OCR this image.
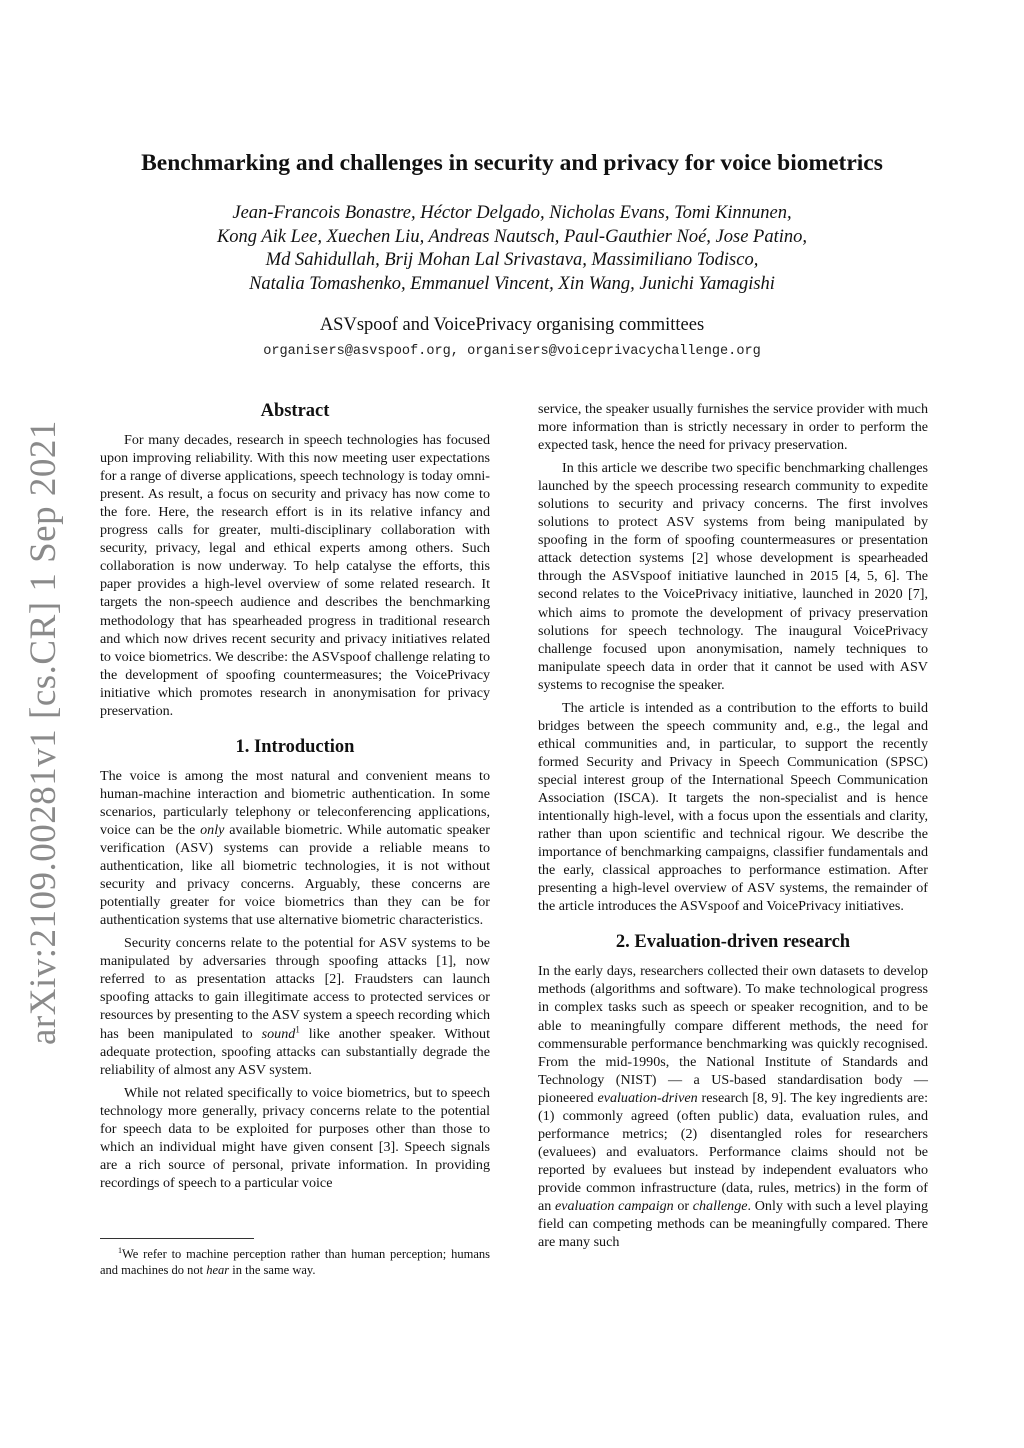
arXiv:2109.00281v1 [cs.CR] 1 Sep 2021
Benchmarking and challenges in security and privacy for voice biometrics
Jean-Francois Bonastre, Héctor Delgado, Nicholas Evans, Tomi Kinnunen,
Kong Aik Lee, Xuechen Liu, Andreas Nautsch, Paul-Gauthier Noé, Jose Patino,
Md Sahidullah, Brij Mohan Lal Srivastava, Massimiliano Todisco,
Natalia Tomashenko, Emmanuel Vincent, Xin Wang, Junichi Yamagishi
ASVspoof and VoicePrivacy organising committees
organisers@asvspoof.org, organisers@voiceprivacychallenge.org
Abstract

For many decades, research in speech technologies has focused upon improving reliability. With this now meeting user expectations for a range of diverse applications, speech technology is today omni-present. As result, a focus on security and privacy has now come to the fore. Here, the research effort is in its relative infancy and progress calls for greater, multi-disciplinary collaboration with security, privacy, legal and ethical experts among others. Such collaboration is now underway. To help catalyse the efforts, this paper provides a high-level overview of some related research. It targets the non-speech audience and describes the benchmarking methodology that has spearheaded progress in traditional research and which now drives recent security and privacy initiatives related to voice biometrics. We describe: the ASVspoof challenge relating to the development of spoofing countermeasures; the VoicePrivacy initiative which promotes research in anonymisation for privacy preservation.

1. Introduction

The voice is among the most natural and convenient means to human-machine interaction and biometric authentication. In some scenarios, particularly telephony or teleconferencing applications, voice can be the only available biometric. While automatic speaker verification (ASV) systems can provide a reliable means to authentication, like all biometric technologies, it is not without security and privacy concerns. Arguably, these concerns are potentially greater for voice biometrics than they can be for authentication systems that use alternative biometric characteristics.

Security concerns relate to the potential for ASV systems to be manipulated by adversaries through spoofing attacks [1], now referred to as presentation attacks [2]. Fraudsters can launch spoofing attacks to gain illegitimate access to protected services or resources by presenting to the ASV system a speech recording which has been manipulated to sound$^1$ like another speaker. Without adequate protection, spoofing attacks can substantially degrade the reliability of almost any ASV system.

While not related specifically to voice biometrics, but to speech technology more generally, privacy concerns relate to the potential for speech data to be exploited for purposes other than those to which an individual might have given consent [3]. Speech signals are a rich source of personal, private information. In providing recordings of speech to a particular voice

$^1$We refer to machine perception rather than human perception; humans and machines do not hear in the same way.

service, the speaker usually furnishes the service provider with much more information than is strictly necessary in order to perform the expected task, hence the need for privacy preservation.

In this article we describe two specific benchmarking challenges launched by the speech processing research community to expedite solutions to security and privacy concerns. The first involves solutions to protect ASV systems from being manipulated by spoofing in the form of spoofing countermeasures or presentation attack detection systems [2] whose development is spearheaded through the ASVspoof initiative launched in 2015 [4, 5, 6]. The second relates to the VoicePrivacy initiative, launched in 2020 [7], which aims to promote the development of privacy preservation solutions for speech technology. The inaugural VoicePrivacy challenge focused upon anonymisation, namely techniques to manipulate speech data in order that it cannot be used with ASV systems to recognise the speaker.

The article is intended as a contribution to the efforts to build bridges between the speech community and, e.g., the legal and ethical communities and, in particular, to support the recently formed Security and Privacy in Speech Communication (SPSC) special interest group of the International Speech Communication Association (ISCA). It targets the non-specialist and is hence intentionally high-level, with a focus upon the essentials and clarity, rather than upon scientific and technical rigour. We describe the importance of benchmarking campaigns, classifier fundamentals and the early, classical approaches to performance estimation. After presenting a high-level overview of ASV systems, the remainder of the article introduces the ASVspoof and VoicePrivacy initiatives.

2. Evaluation-driven research

In the early days, researchers collected their own datasets to develop methods (algorithms and software). To make technological progress in complex tasks such as speech or speaker recognition, and to be able to meaningfully compare different methods, the need for commensurable performance benchmarking was quickly recognised. From the mid-1990s, the National Institute of Standards and Technology (NIST) — a US-based standardisation body — pioneered evaluation-driven research [8, 9]. The key ingredients are: (1) commonly agreed (often public) data, evaluation rules, and performance metrics; (2) disentangled roles for researchers (evaluees) and evaluators. Performance claims should not be reported by evaluees but instead by independent evaluators who provide common infrastructure (data, rules, metrics) in the form of an evaluation campaign or challenge. Only with such a level playing field can competing methods can be meaningfully compared. There are many such
